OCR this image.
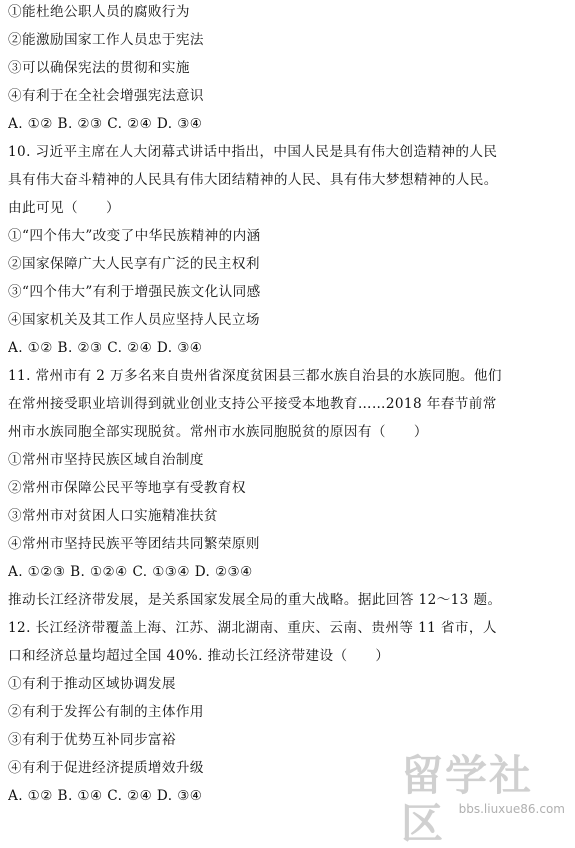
①能杜绝公职人员的腐败行为
②能激励国家工作人员忠于宪法
③可以确保宪法的贯彻和实施
④有利于在全社会增强宪法意识
A. ①② B. ②③ C. ②④ D. ③④
10. 习近平主席在人大闭幕式讲话中指出，中国人民是具有伟大创造精神的人民
具有伟大奋斗精神的人民具有伟大团结精神的人民、具有伟大梦想精神的人民。
由此可见（　　）
①“四个伟大”改变了中华民族精神的内涵
②国家保障广大人民享有广泛的民主权利
③“四个伟大”有利于增强民族文化认同感
④国家机关及其工作人员应坚持人民立场
A. ①② B. ②③ C. ②④ D. ③④
11. 常州市有 2 万多名来自贵州省深度贫困县三都水族自治县的水族同胞。他们
在常州接受职业培训得到就业创业支持公平接受本地教育……2018 年春节前常
州市水族同胞全部实现脱贫。常州市水族同胞脱贫的原因有（　　）
①常州市坚持民族区域自治制度
②常州市保障公民平等地享有受教育权
③常州市对贫困人口实施精准扶贫
④常州市坚持民族平等团结共同繁荣原则
A. ①②③ B. ①②④ C. ①③④ D. ②③④
推动长江经济带发展，是关系国家发展全局的重大战略。据此回答 12～13 题。
12. 长江经济带覆盖上海、江苏、湖北湖南、重庆、云南、贵州等 11 省市，人
口和经济总量均超过全国 40%. 推动长江经济带建设（　　）
①有利于推动区域协调发展
②有利于发挥公有制的主体作用
③有利于优势互补同步富裕
④有利于促进经济提质增效升级
A. ①② B. ①④ C. ②④ D. ③④	留学社区	bbs.liuxue86.com
